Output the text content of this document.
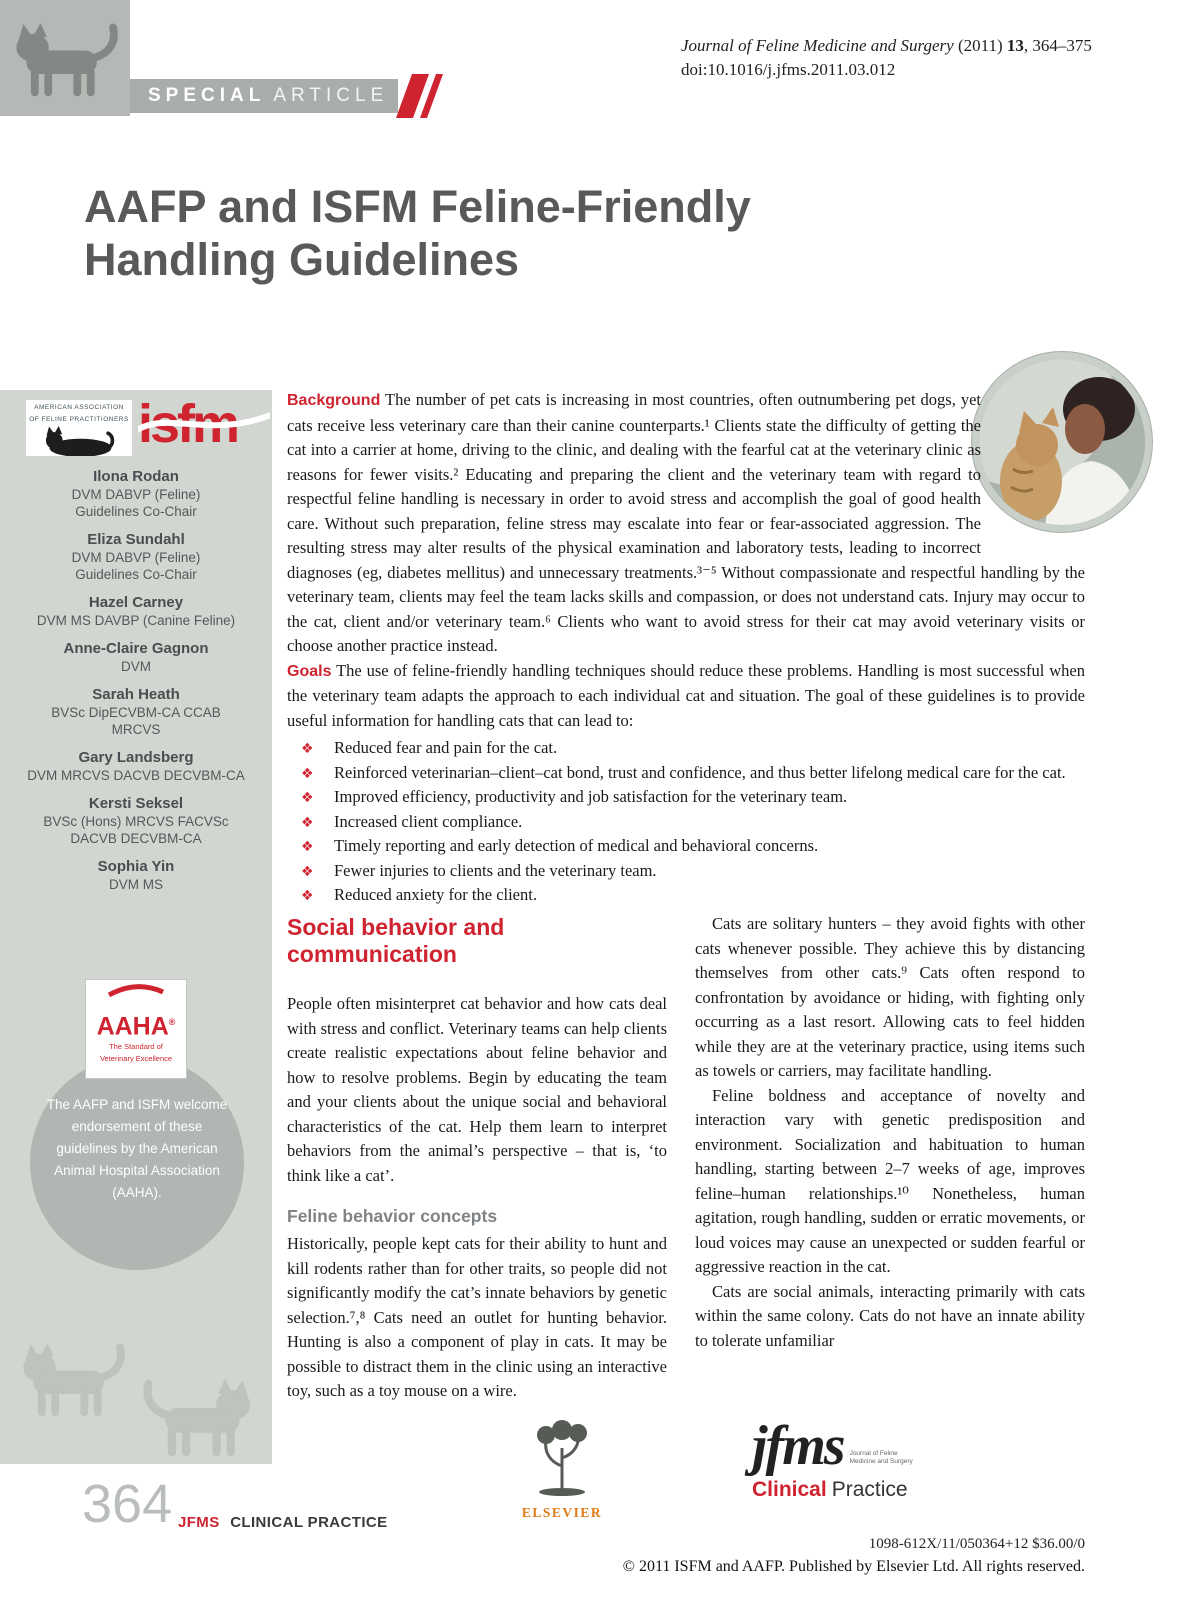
SPECIAL ARTICLE
Journal of Feline Medicine and Surgery (2011) 13, 364–375
doi:10.1016/j.jfms.2011.03.012
AAFP and ISFM Feline-Friendly
Handling Guidelines
AMERICAN ASSOCIATION
OF FELINE PRACTITIONERS isfm
Ilona Rodan
DVM DABVP (Feline)
Guidelines Co-Chair
Eliza Sundahl
DVM DABVP (Feline)
Guidelines Co-Chair
Hazel Carney
DVM MS DAVBP (Canine Feline)
Anne-Claire Gagnon
DVM
Sarah Heath
BVSc DipECVBM-CA CCAB
MRCVS
Gary Landsberg
DVM MRCVS DACVB DECVBM-CA
Kersti Seksel
BVSc (Hons) MRCVS FACVSc
DACVB DECVBM-CA
Sophia Yin
DVM MS
AAHA®
The Standard of
Veterinary Excellence
The AAFP and ISFM welcome endorsement of these guidelines by the American Animal Hospital Association (AAHA).

Background The number of pet cats is increasing in most countries, often outnumbering pet dogs, yet cats receive less veterinary care than their canine counterparts.¹ Clients state the difficulty of getting the cat into a carrier at home, driving to the clinic, and dealing with the fearful cat at the veterinary clinic as reasons for fewer visits.² Educating and preparing the client and the veterinary team with regard to respectful feline handling is necessary in order to avoid stress and accomplish the goal of good health care. Without such preparation, feline stress may escalate into fear or fear-associated aggression. The resulting stress may alter results of the physical examination and laboratory tests, leading to incorrect diagnoses (eg, diabetes mellitus) and unnecessary treatments.³⁻⁵ Without compassionate and respectful handling by the veterinary team, clients may feel the team lacks skills and compassion, or does not understand cats. Injury may occur to the cat, client and/or veterinary team.⁶ Clients who want to avoid stress for their cat may avoid veterinary visits or choose another practice instead.

Goals The use of feline-friendly handling techniques should reduce these problems. Handling is most successful when the veterinary team adapts the approach to each individual cat and situation. The goal of these guidelines is to provide useful information for handling cats that can lead to:

❖ Reduced fear and pain for the cat.
❖ Reinforced veterinarian–client–cat bond, trust and confidence, and thus better lifelong medical care for the cat.
❖ Improved efficiency, productivity and job satisfaction for the veterinary team.
❖ Increased client compliance.
❖ Timely reporting and early detection of medical and behavioral concerns.
❖ Fewer injuries to clients and the veterinary team.
❖ Reduced anxiety for the client.
Social behavior and communication

People often misinterpret cat behavior and how cats deal with stress and conflict. Veterinary teams can help clients create realistic expectations about feline behavior and how to resolve problems. Begin by educating the team and your clients about the unique social and behavioral characteristics of the cat. Help them learn to interpret behaviors from the animal’s perspective – that is, ‘to think like a cat’.

Feline behavior concepts

Historically, people kept cats for their ability to hunt and kill rodents rather than for other traits, so people did not significantly modify the cat’s innate behaviors by genetic selection.⁷,⁸ Cats need an outlet for hunting behavior. Hunting is also a component of play in cats. It may be possible to distract them in the clinic using an interactive toy, such as a toy mouse on a wire.

Cats are solitary hunters – they avoid fights with other cats whenever possible. They achieve this by distancing themselves from other cats.⁹ Cats often respond to confrontation by avoidance or hiding, with fighting only occurring as a last resort. Allowing cats to feel hidden while they are at the veterinary practice, using items such as towels or carriers, may facilitate handling.

Feline boldness and acceptance of novelty and interaction vary with genetic predisposition and environment. Socialization and habituation to human handling, starting between 2–7 weeks of age, improves feline–human relationships.¹⁰ Nonetheless, human agitation, rough handling, sudden or erratic movements, or loud voices may cause an unexpected or sudden fearful or aggressive reaction in the cat.

Cats are social animals, interacting primarily with cats within the same colony. Cats do not have an innate ability to tolerate unfamiliar

364 JFMS CLINICAL PRACTICE
ELSEVIER
jfms Journal of Feline
Medicine and Surgery
Clinical Practice
1098-612X/11/050364+12 $36.00/0
© 2011 ISFM and AAFP. Published by Elsevier Ltd. All rights reserved.
